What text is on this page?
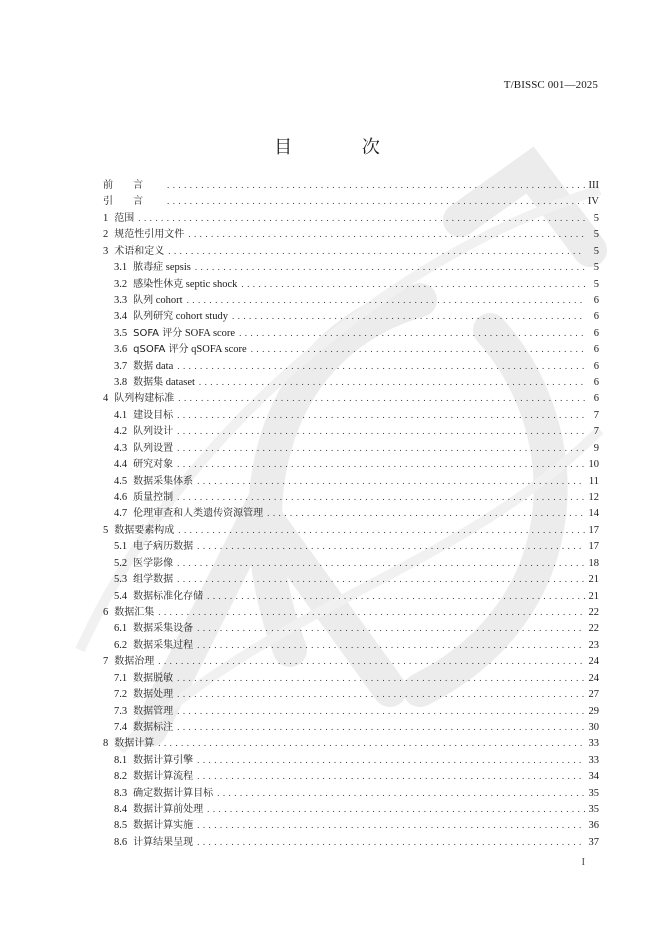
T/BISSC 001—2025
目 次
前言 . . .	III
引言 . . .	IV
1 范围 . . .	5
2 规范性引用文件 . . .	5
3 术语和定义 . . .	5
3.1 脓毒症 sepsis . . .	5
3.2 感染性休克 septic shock . . .	5
3.3 队列 cohort . . .	6
3.4 队列研究 cohort study . . .	6
3.5 SOFA 评分 SOFA score . . .	6
3.6 qSOFA 评分 qSOFA score . . .	6
3.7 数据 data . . .	6
3.8 数据集 dataset . . .	6
4 队列构建标准 . . .	6
4.1 建设目标 . . .	7
4.2 队列设计 . . .	7
4.3 队列设置 . . .	9
4.4 研究对象 . . .	10
4.5 数据采集体系 . . .	11
4.6 质量控制 . . .	12
4.7 伦理审查和人类遗传资源管理 . . .	14
5 数据要素构成 . . .	17
5.1 电子病历数据 . . .	17
5.2 医学影像 . . .	18
5.3 组学数据 . . .	21
5.4 数据标准化存储 . . .	21
6 数据汇集 . . .	22
6.1 数据采集设备 . . .	22
6.2 数据采集过程 . . .	23
7 数据治理 . . .	24
7.1 数据脱敏 . . .	24
7.2 数据处理 . . .	27
7.3 数据管理 . . .	29
7.4 数据标注 . . .	30
8 数据计算 . . .	33
8.1 数据计算引擎 . . .	33
8.2 数据计算流程 . . .	34
8.3 确定数据计算目标 . . .	35
8.4 数据计算前处理 . . .	35
8.5 数据计算实施 . . .	36
8.6 计算结果呈现 . . .	37
I
